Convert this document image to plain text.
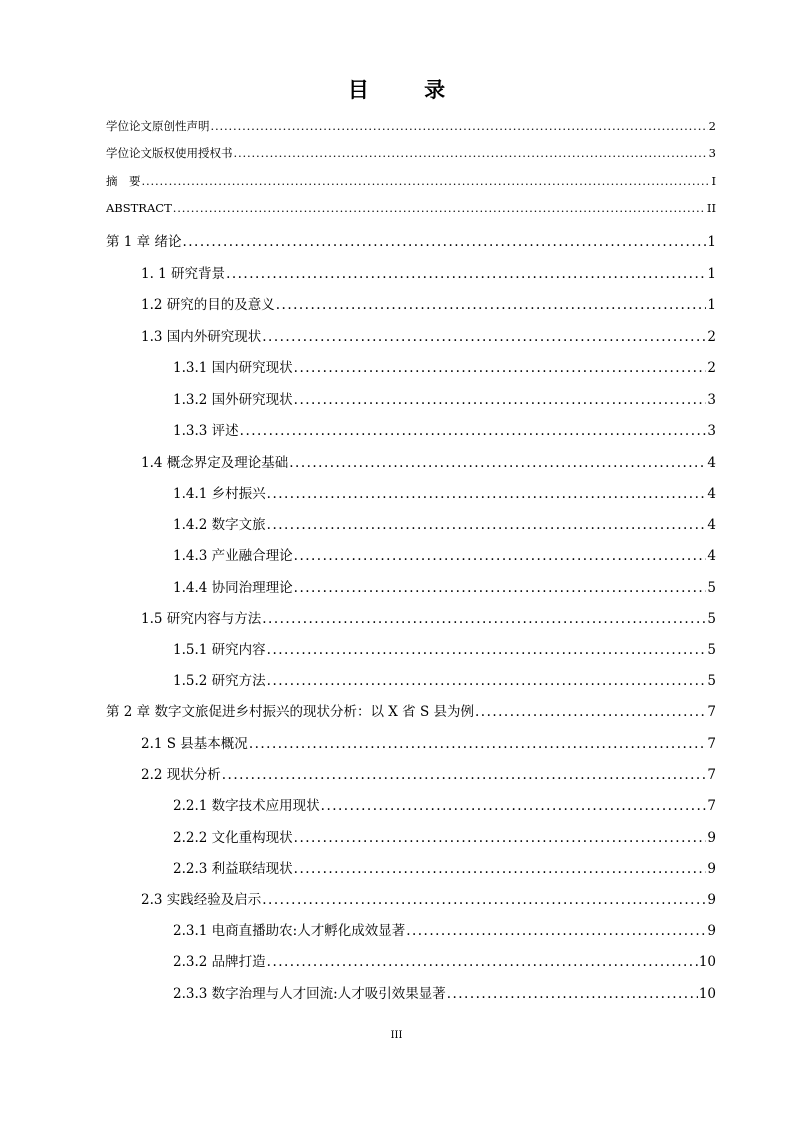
目 录
学位论文原创性声明 . . .	2
学位论文版权使用授权书 . . .	3
摘　要 . . .	I
ABSTRACT . . .	II
第 1 章 绪论 . . .	1
1. 1 研究背景 . . .	1
1.2 研究的目的及意义 . . .	1
1.3 国内外研究现状 . . .	2
1.3.1 国内研究现状 . . .	2
1.3.2 国外研究现状 . . .	3
1.3.3 评述 . . .	3
1.4 概念界定及理论基础 . . .	4
1.4.1 乡村振兴 . . .	4
1.4.2 数字文旅 . . .	4
1.4.3 产业融合理论 . . .	4
1.4.4 协同治理理论 . . .	5
1.5 研究内容与方法 . . .	5
1.5.1 研究内容 . . .	5
1.5.2 研究方法 . . .	5
第 2 章 数字文旅促进乡村振兴的现状分析：以 X 省 S 县为例 . . .	7
2.1 S 县基本概况 . . .	7
2.2 现状分析 . . .	7
2.2.1 数字技术应用现状 . . .	7
2.2.2 文化重构现状 . . .	9
2.2.3 利益联结现状 . . .	9
2.3 实践经验及启示 . . .	9
2.3.1 电商直播助农:人才孵化成效显著 . . .	9
2.3.2 品牌打造 . . .	10
2.3.3 数字治理与人才回流:人才吸引效果显著 . . .	10
III
